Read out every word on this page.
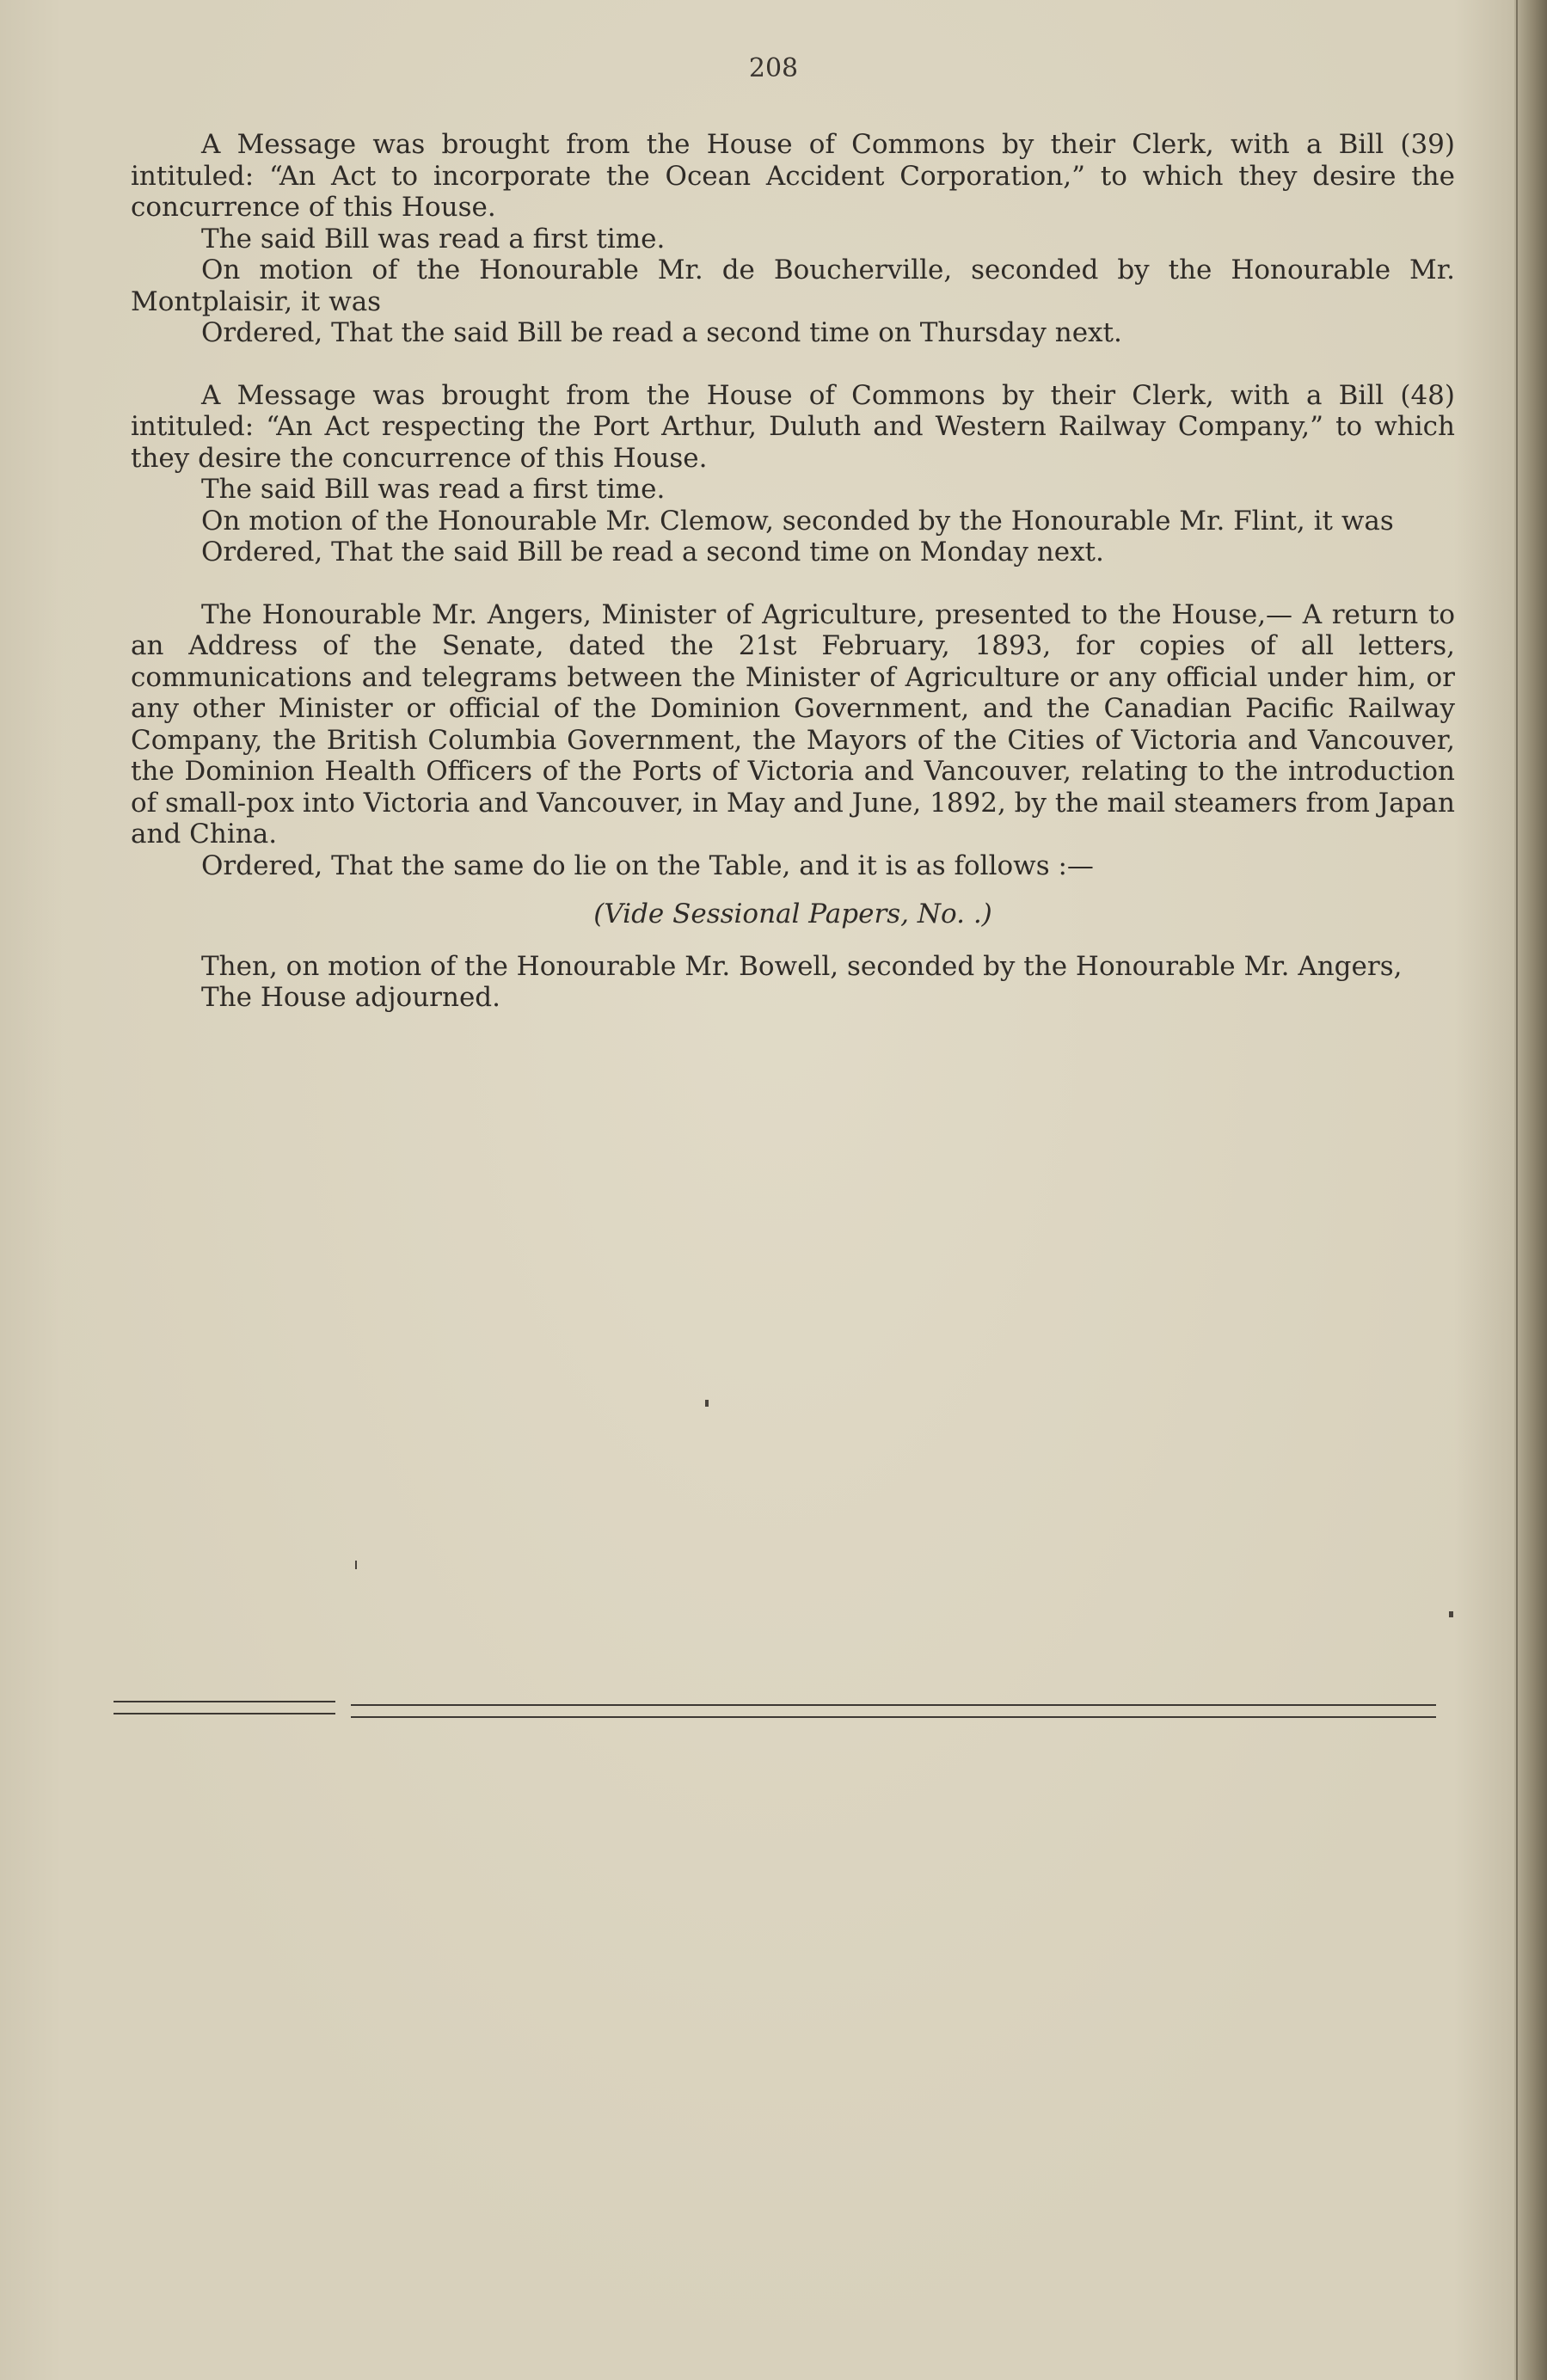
208

A Message was brought from the House of Commons by their Clerk, with a Bill (39) intituled: “An Act to incorporate the Ocean Accident Corporation,” to which they desire the concurrence of this House.

The said Bill was read a first time.

On motion of the Honourable Mr. de Boucherville, seconded by the Honourable Mr. Montplaisir, it was

Ordered, That the said Bill be read a second time on Thursday next.

A Message was brought from the House of Commons by their Clerk, with a Bill (48) intituled: “An Act respecting the Port Arthur, Duluth and Western Railway Company,” to which they desire the concurrence of this House.

The said Bill was read a first time.

On motion of the Honourable Mr. Clemow, seconded by the Honourable Mr. Flint, it was

Ordered, That the said Bill be read a second time on Monday next.

The Honourable Mr. Angers, Minister of Agriculture, presented to the House,— A return to an Address of the Senate, dated the 21st February, 1893, for copies of all letters, communications and telegrams between the Minister of Agriculture or any official under him, or any other Minister or official of the Dominion Government, and the Canadian Pacific Railway Company, the British Columbia Government, the Mayors of the Cities of Victoria and Vancouver, the Dominion Health Officers of the Ports of Victoria and Vancouver, relating to the introduction of small-pox into Victoria and Vancouver, in May and June, 1892, by the mail steamers from Japan and China.

Ordered, That the same do lie on the Table, and it is as follows :—

(Vide Sessional Papers, No. .)

Then, on motion of the Honourable Mr. Bowell, seconded by the Honourable Mr. Angers,

The House adjourned.
